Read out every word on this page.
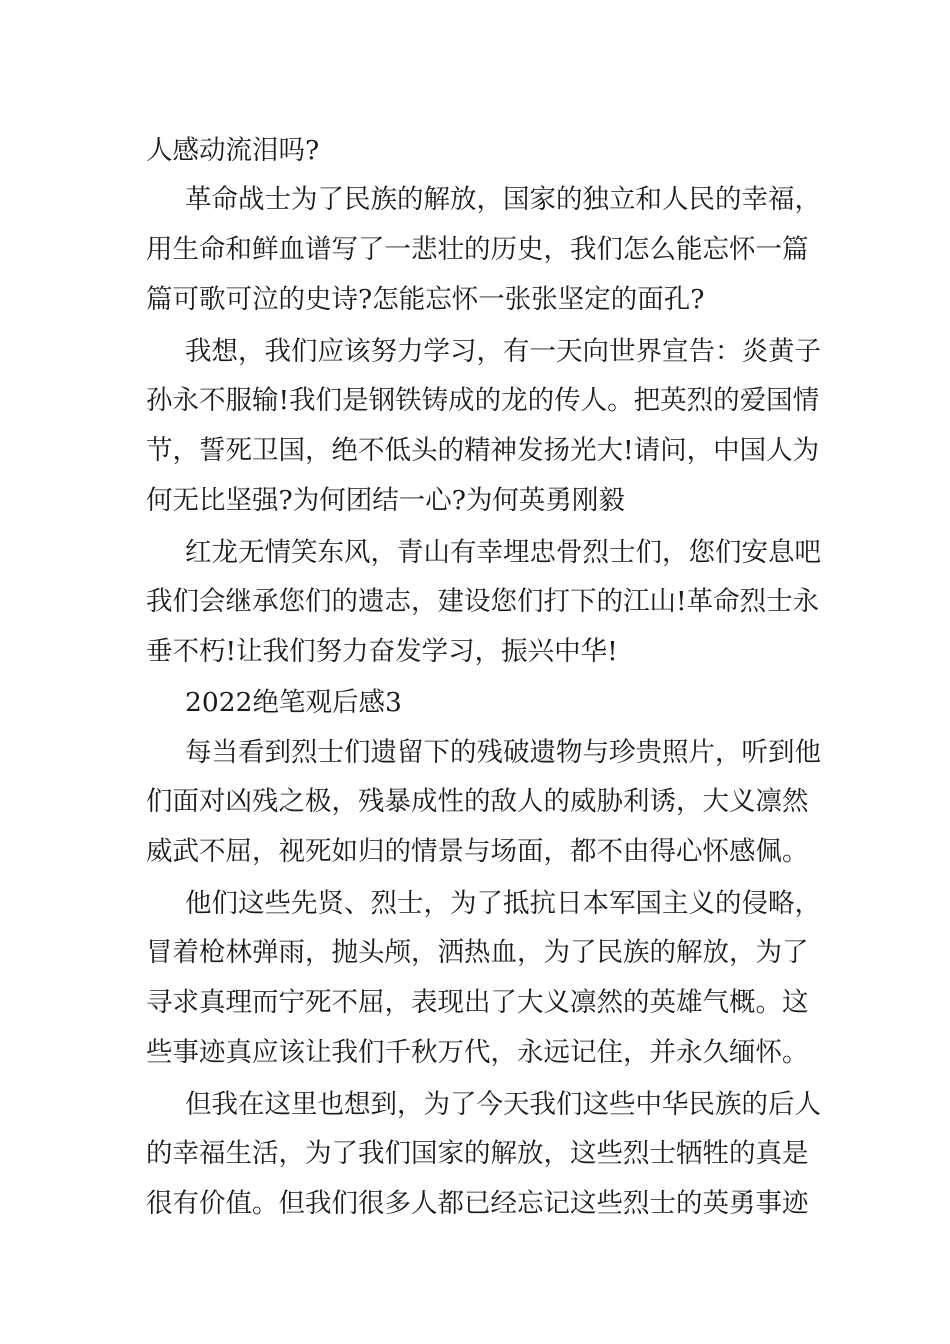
人感动流泪吗?
革命战士为了民族的解放，国家的独立和人民的幸福，
用生命和鲜血谱写了一悲壮的历史，我们怎么能忘怀一篇
篇可歌可泣的史诗?怎能忘怀一张张坚定的面孔?
我想，我们应该努力学习，有一天向世界宣告：炎黄子
孙永不服输!我们是钢铁铸成的龙的传人。把英烈的爱国情
节，誓死卫国，绝不低头的精神发扬光大!请问，中国人为
何无比坚强?为何团结一心?为何英勇刚毅
红龙无情笑东风，青山有幸埋忠骨烈士们，您们安息吧
我们会继承您们的遗志，建设您们打下的江山!革命烈士永
垂不朽!让我们努力奋发学习，振兴中华!
2022绝笔观后感3
每当看到烈士们遗留下的残破遗物与珍贵照片，听到他
们面对凶残之极，残暴成性的敌人的威胁利诱，大义凛然
威武不屈，视死如归的情景与场面，都不由得心怀感佩。
他们这些先贤、烈士，为了抵抗日本军国主义的侵略，
冒着枪林弹雨，抛头颅，洒热血，为了民族的解放，为了
寻求真理而宁死不屈，表现出了大义凛然的英雄气概。这
些事迹真应该让我们千秋万代，永远记住，并永久缅怀。
但我在这里也想到，为了今天我们这些中华民族的后人
的幸福生活，为了我们国家的解放，这些烈士牺牲的真是
很有价值。但我们很多人都已经忘记这些烈士的英勇事迹
